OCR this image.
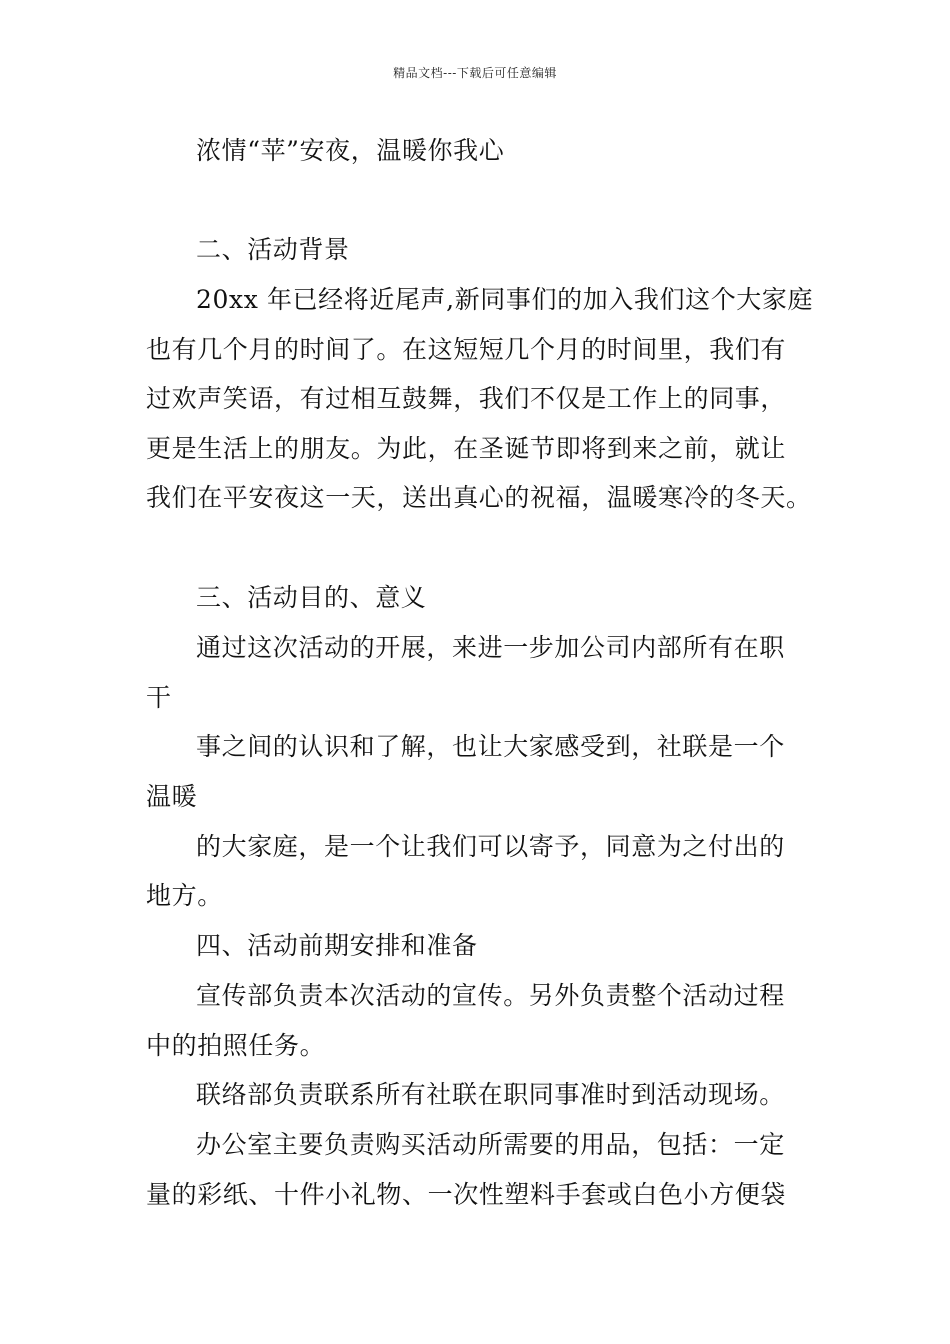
精品文档---下载后可任意编辑
浓情“苹”安夜，温暖你我心
二、活动背景
20xx 年已经将近尾声,新同事们的加入我们这个大家庭
也有几个月的时间了。在这短短几个月的时间里，我们有
过欢声笑语，有过相互鼓舞，我们不仅是工作上的同事，
更是生活上的朋友。为此，在圣诞节即将到来之前，就让
我们在平安夜这一天，送出真心的祝福，温暖寒冷的冬天。
三、活动目的、意义
通过这次活动的开展，来进一步加公司内部所有在职
干
事之间的认识和了解，也让大家感受到，社联是一个
温暖
的大家庭，是一个让我们可以寄予，同意为之付出的
地方。
四、活动前期安排和准备
宣传部负责本次活动的宣传。另外负责整个活动过程
中的拍照任务。
联络部负责联系所有社联在职同事准时到活动现场。
办公室主要负责购买活动所需要的用品，包括：一定
量的彩纸、十件小礼物、一次性塑料手套或白色小方便袋
